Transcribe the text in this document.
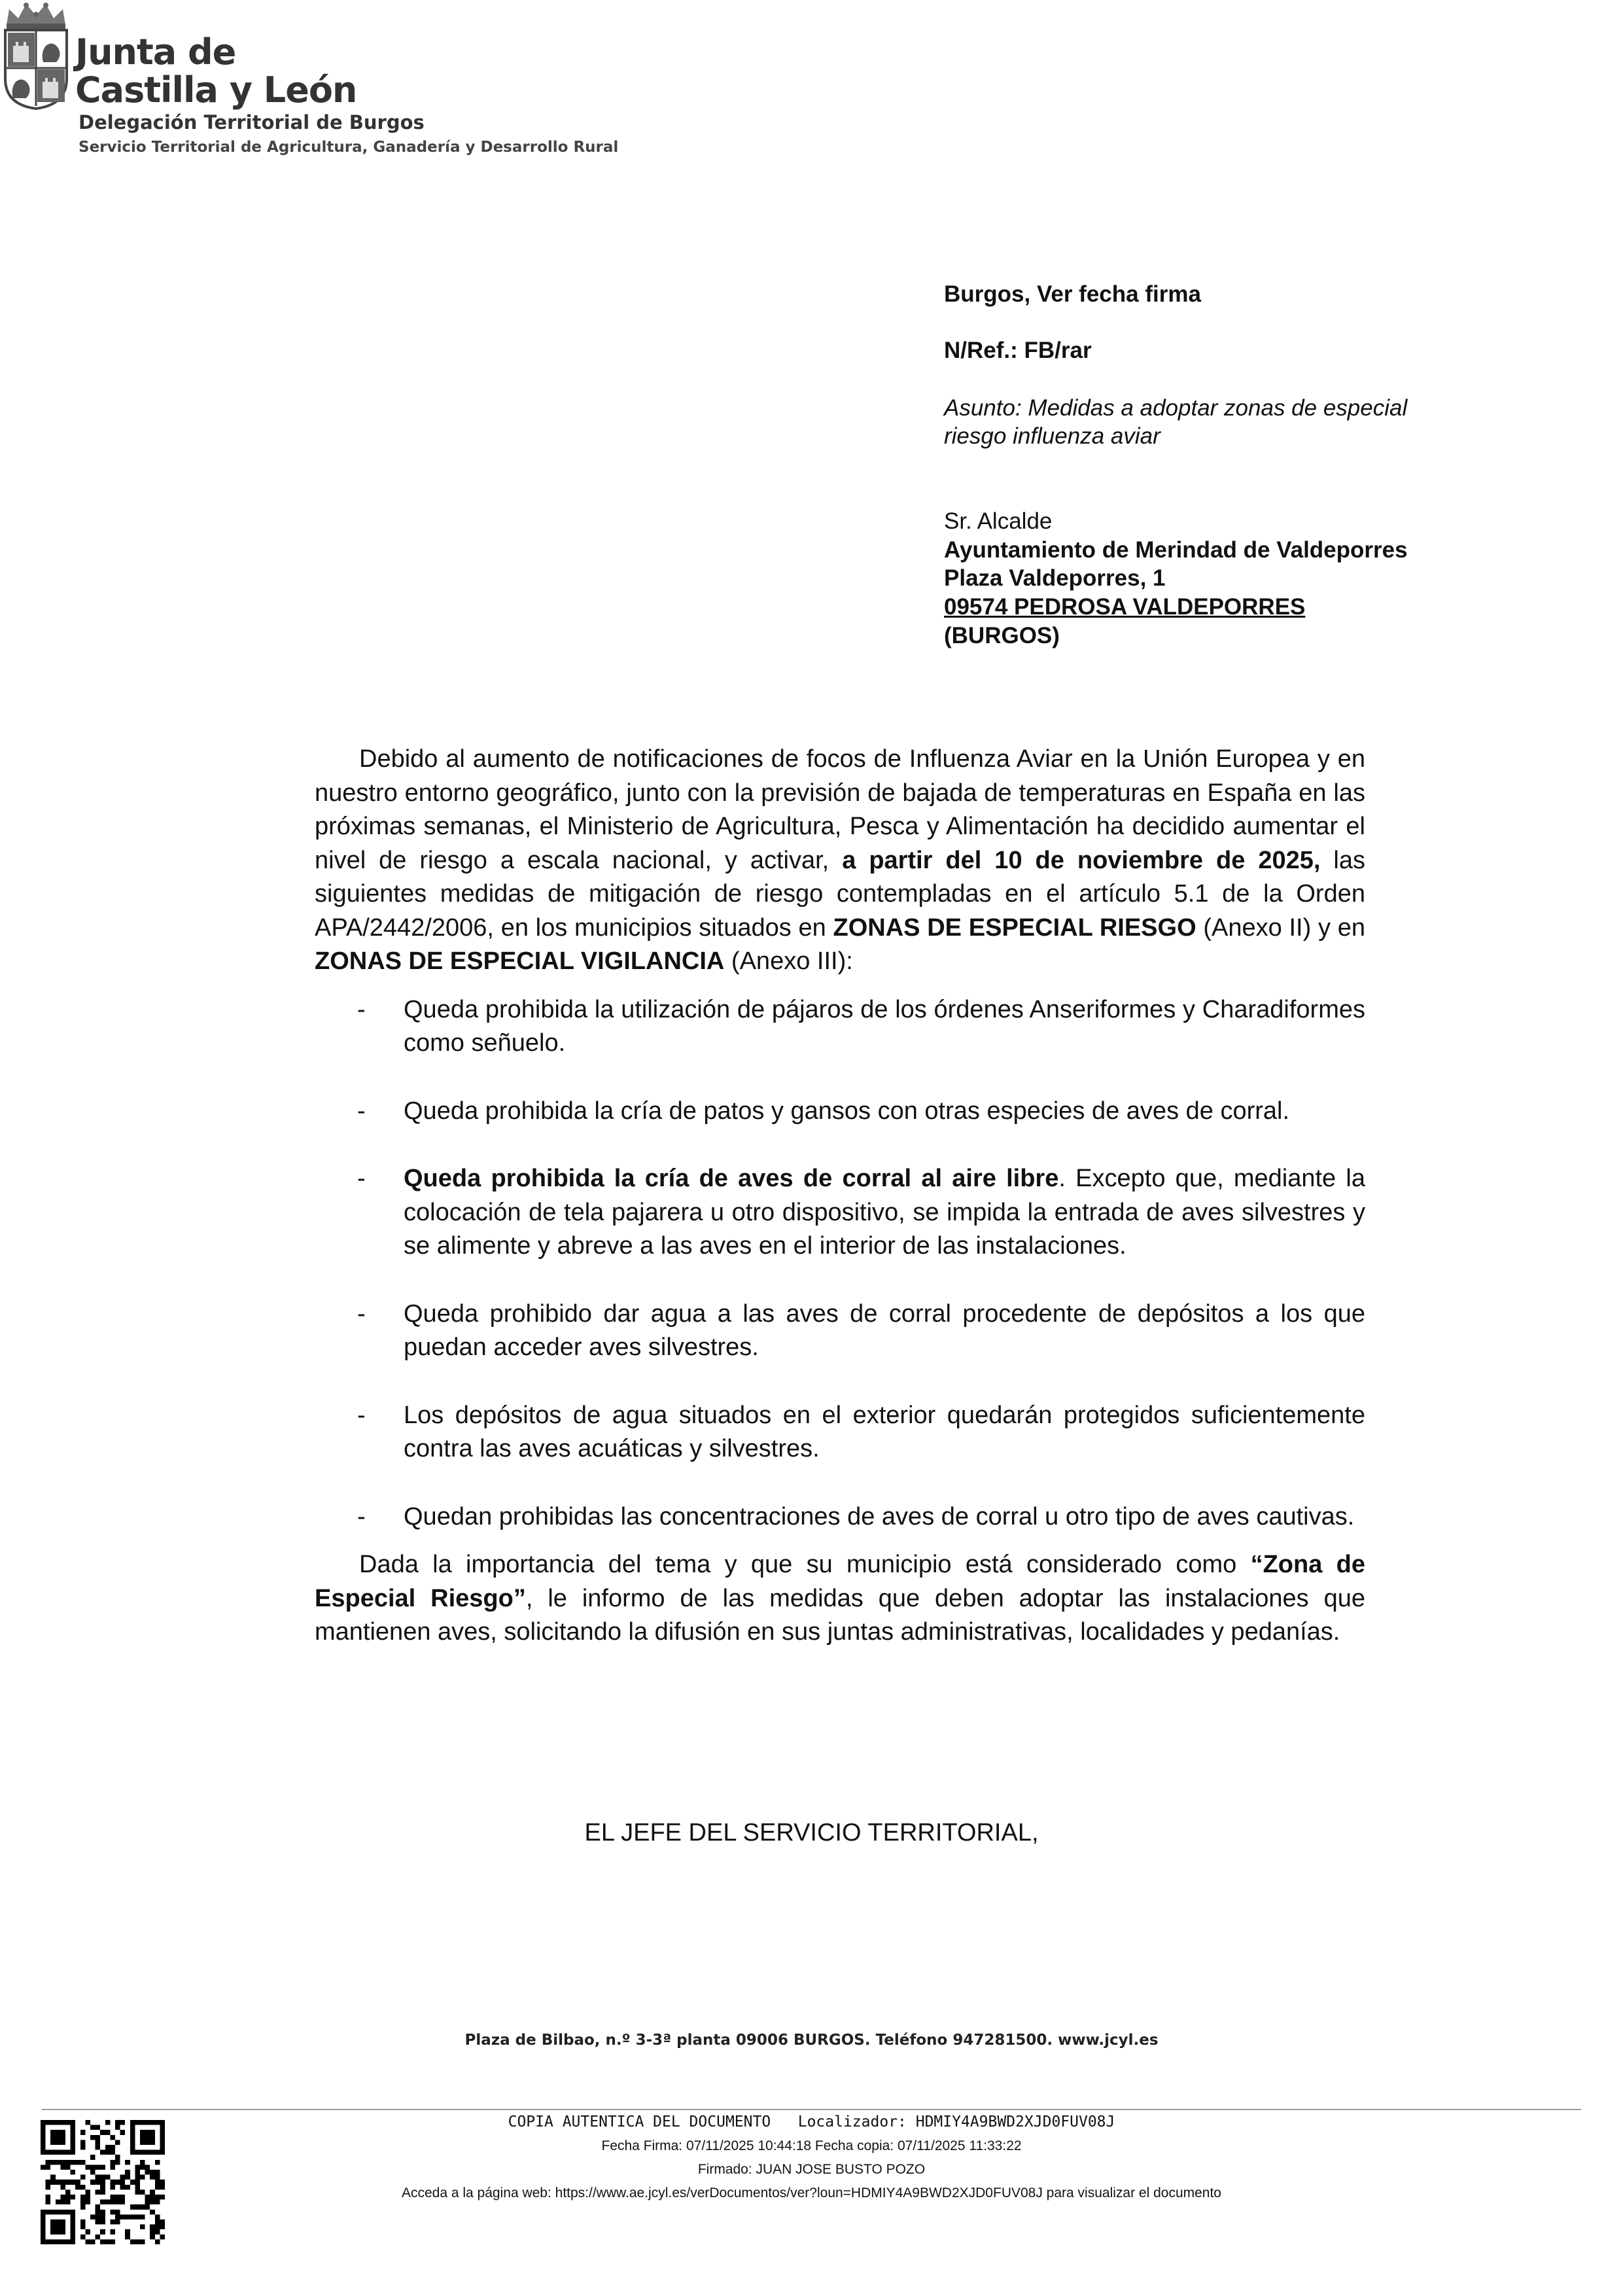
Junta de
Castilla y León
Delegación Territorial de Burgos
Servicio Territorial de Agricultura, Ganadería y Desarrollo Rural
Burgos, Ver fecha firma
N/Ref.: FB/rar
Asunto: Medidas a adoptar zonas de especial
riesgo influenza aviar
Sr. Alcalde
Ayuntamiento de Merindad de Valdeporres
Plaza Valdeporres, 1
09574 PEDROSA VALDEPORRES
(BURGOS)

Debido al aumento de notificaciones de focos de Influenza Aviar en la Unión Europea y en nuestro entorno geográfico, junto con la previsión de bajada de temperaturas en España en las próximas semanas, el Ministerio de Agricultura, Pesca y Alimentación ha decidido aumentar el nivel de riesgo a escala nacional, y activar, a partir del 10 de noviembre de 2025, las siguientes medidas de mitigación de riesgo contempladas en el artículo 5.1 de la Orden APA/2442/2006, en los municipios situados en ZONAS DE ESPECIAL RIESGO (Anexo II) y en ZONAS DE ESPECIAL VIGILANCIA (Anexo III):

- Queda prohibida la utilización de pájaros de los órdenes Anseriformes y Charadiformes como señuelo.
- Queda prohibida la cría de patos y gansos con otras especies de aves de corral.
- Queda prohibida la cría de aves de corral al aire libre. Excepto que, mediante la colocación de tela pajarera u otro dispositivo, se impida la entrada de aves silvestres y se alimente y abreve a las aves en el interior de las instalaciones.
- Queda prohibido dar agua a las aves de corral procedente de depósitos a los que puedan acceder aves silvestres.
- Los depósitos de agua situados en el exterior quedarán protegidos suficientemente contra las aves acuáticas y silvestres.
- Quedan prohibidas las concentraciones de aves de corral u otro tipo de aves cautivas.

Dada la importancia del tema y que su municipio está considerado como “Zona de Especial Riesgo”, le informo de las medidas que deben adoptar las instalaciones que mantienen aves, solicitando la difusión en sus juntas administrativas, localidades y pedanías.

EL JEFE DEL SERVICIO TERRITORIAL,
Plaza de Bilbao, n.º 3-3ª planta 09006 BURGOS. Teléfono 947281500. www.jcyl.es
COPIA AUTENTICA DEL DOCUMENTO   Localizador: HDMIY4A9BWD2XJD0FUV08J
Fecha Firma: 07/11/2025 10:44:18 Fecha copia: 07/11/2025 11:33:22
Firmado: JUAN JOSE BUSTO POZO
Acceda a la página web: https://www.ae.jcyl.es/verDocumentos/ver?loun=HDMIY4A9BWD2XJD0FUV08J para visualizar el documento
